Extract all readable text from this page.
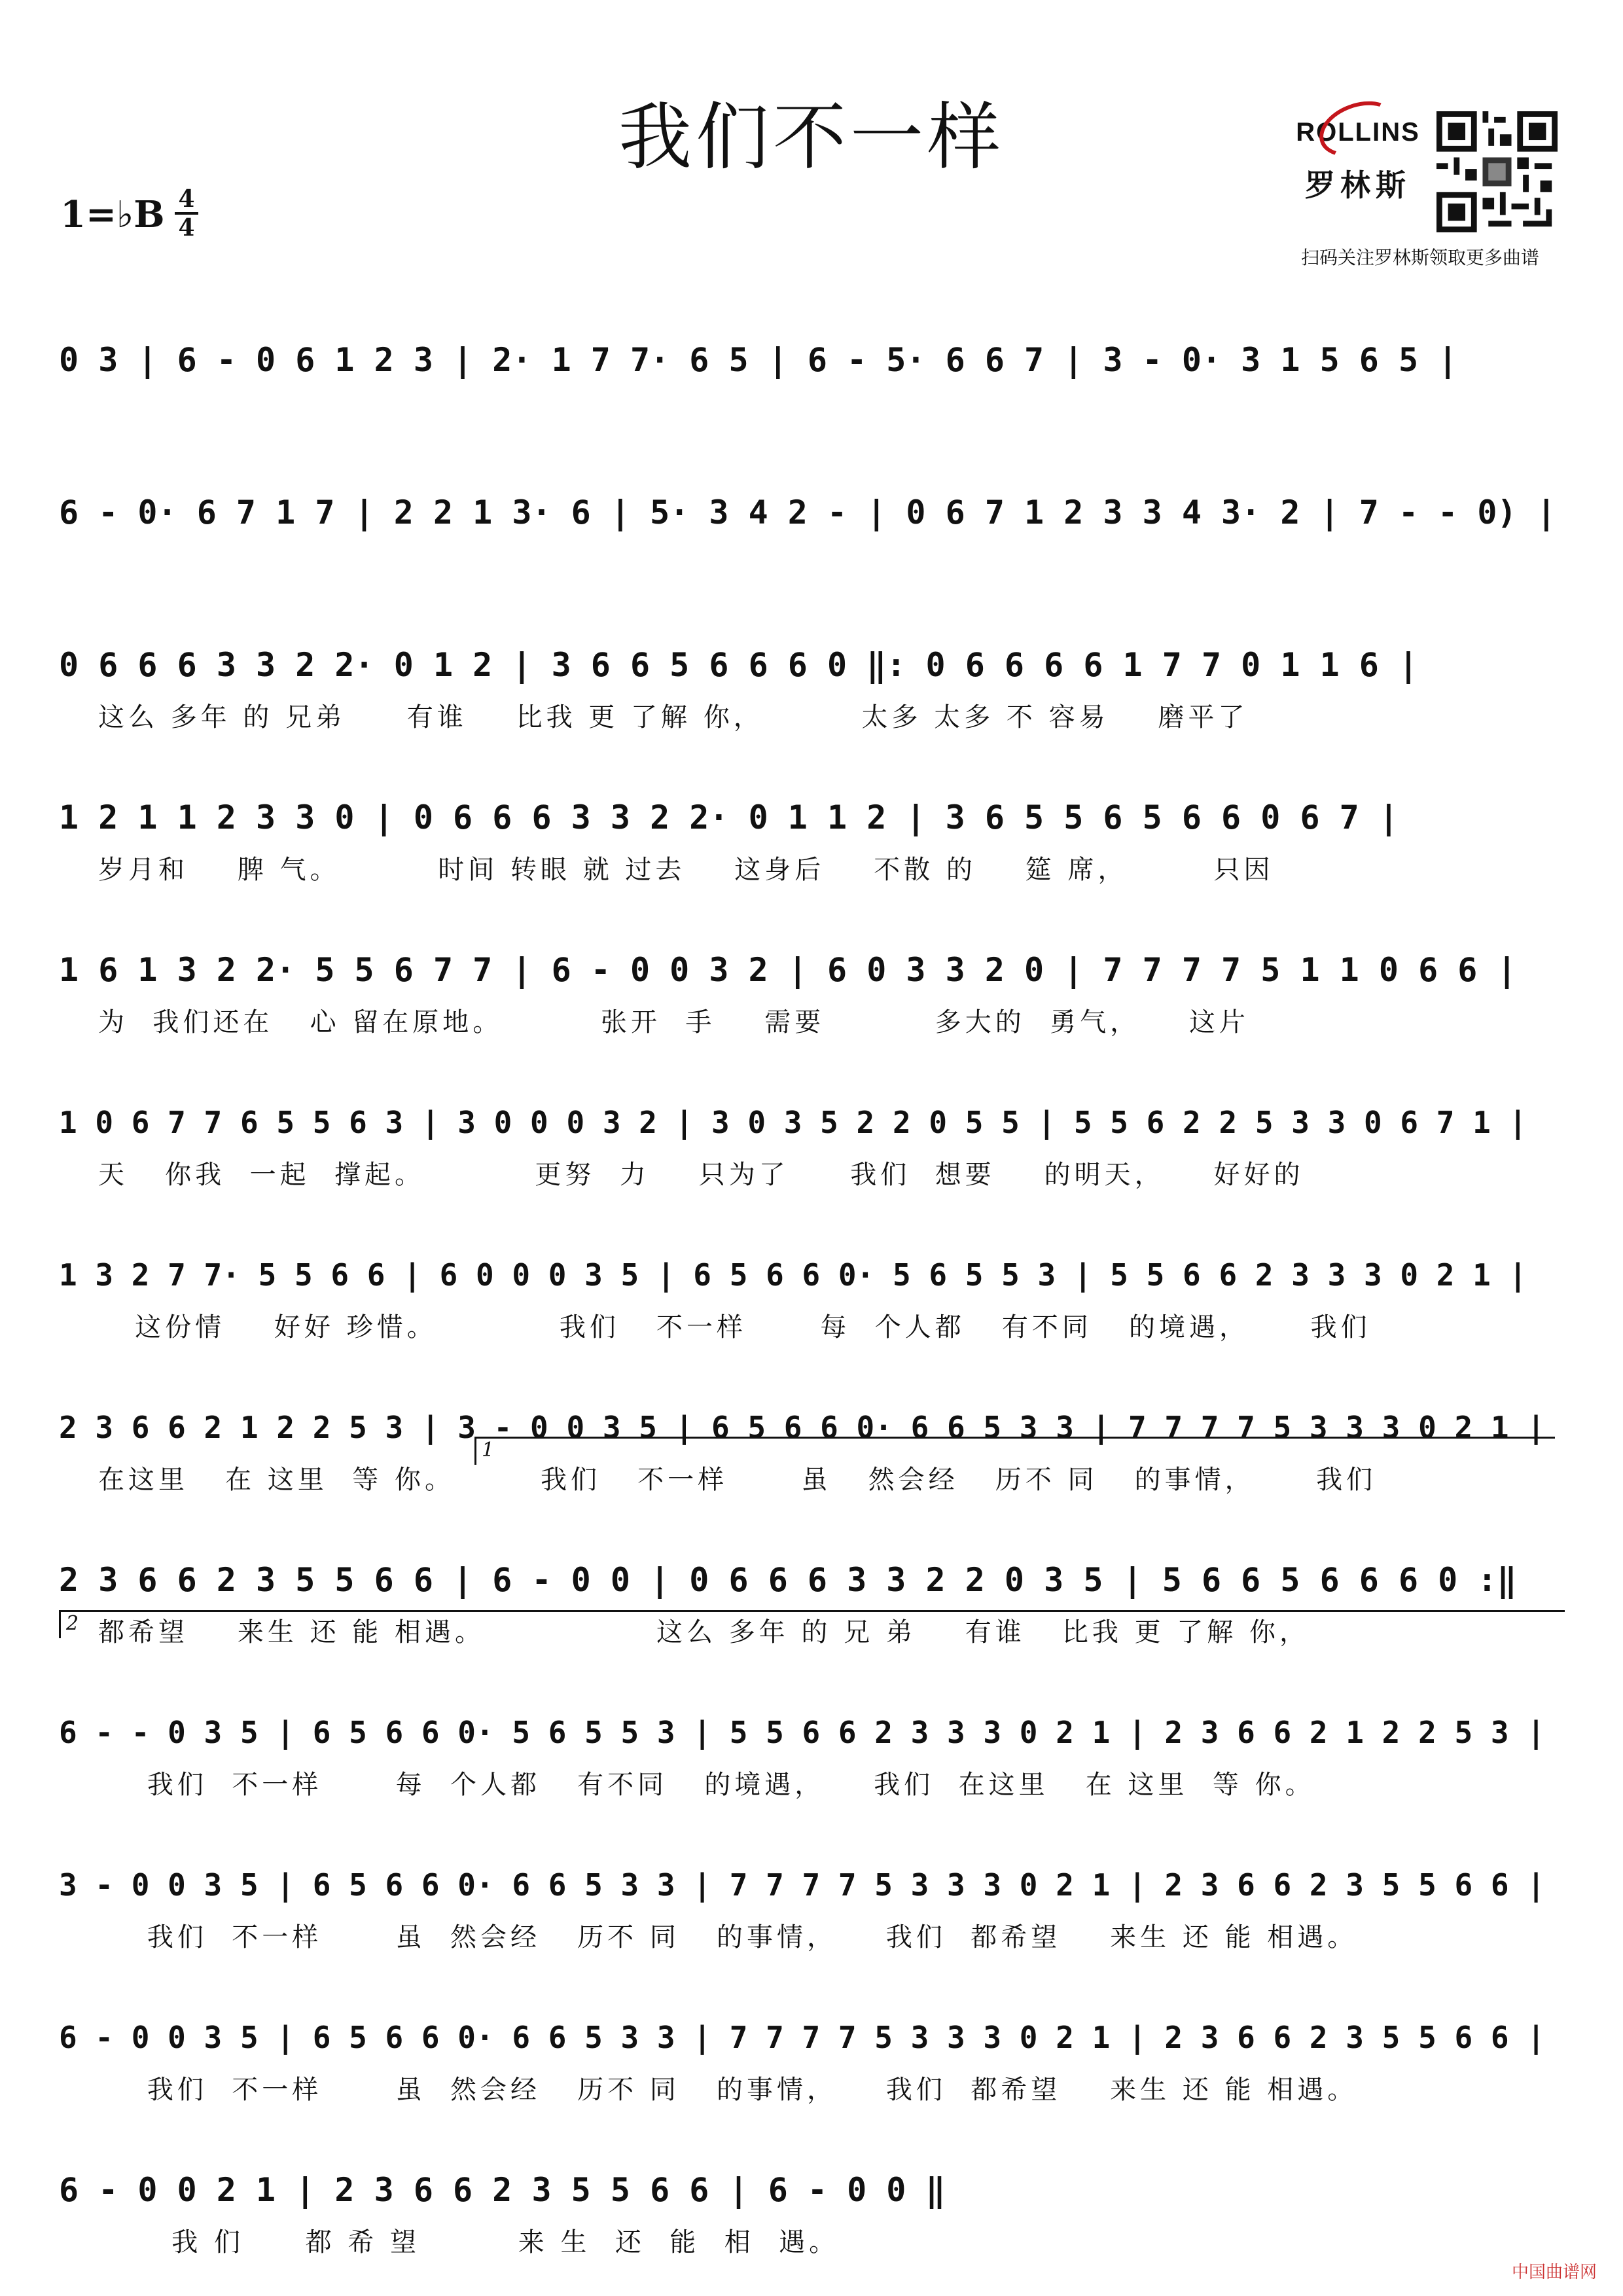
我们不一样
1=♭B 4
4
ROLLINS
罗林斯
扫码关注罗林斯领取更多曲谱
0 3 | 6 - 0 6 1 2 3 | 2· 1 7 7· 6 5 | 6 - 5· 6 6 7 | 3 - 0· 3 1 5 6 5 |
6 - 0· 6 7 1 7 | 2 2 1 3· 6 | 5· 3 4 2 - | 0 6 7 1 2 3 3 4 3· 2 | 7 - - 0) |
0 6 6 6 3 3 2 2· 0 1 2 | 3 6 6 5 6 6 6 0 ‖: 0 6 6 6 6 1 7 7 0 1 1 6 |
这么 多年 的 兄弟     有谁    比我 更 了解 你，        太多 太多 不 容易    磨平了
1 2 1 1 2 3 3 0 | 0 6 6 6 3 3 2 2· 0 1 1 2 | 3 6 5 5 6 5 6 6 0 6 7 |
岁月和    脾 气。        时间 转眼 就 过去    这身后    不散 的    筵 席，       只因
1 6 1 3 2 2· 5 5 6 7 7 | 6 - 0 0 3 2 | 6 0 3 3 2 0 | 7 7 7 7 5 1 1 0 6 6 |
为  我们还在   心 留在原地。        张开  手    需要         多大的  勇气，    这片
1 0 6 7 7 6 5 5 6 3 | 3 0 0 0 3 2 | 3 0 3 5 2 2 0 5 5 | 5 5 6 2 2 5 3 3 0 6 7 1 |
天   你我  一起  撑起。         更努  力    只为了     我们  想要    的明天，    好好的
1 3 2 7 7· 5 5 6 6 | 6 0 0 0 3 5 | 6 5 6 6 0· 5 6 5 5 3 | 5 5 6 6 2 3 3 3 0 2 1 |
这份情    好好 珍惜。          我们   不一样      每  个人都   有不同   的境遇，     我们
2 3 6 6 2 1 2 2 5 3 | 3 - 0 0 3 5 | 6 5 6 6 0· 6 6 5 3 3 | 7 7 7 7 5 3 3 3 0 2 1 |
在这里   在 这里  等 你。       我们   不一样      虽   然会经   历不 同   的事情，     我们
2 3 6 6 2 3 5 5 6 6 | 6 - 0 0 | 0 6 6 6 3 3 2 2 0 3 5 | 5 6 6 5 6 6 6 0 :‖
都希望    来生 还 能 相遇。              这么 多年 的 兄 弟    有谁   比我 更 了解 你，
6 - - 0 3 5 | 6 5 6 6 0· 5 6 5 5 3 | 5 5 6 6 2 3 3 3 0 2 1 | 2 3 6 6 2 1 2 2 5 3 |
我们  不一样      每  个人都   有不同   的境遇，    我们  在这里   在 这里  等 你。
3 - 0 0 3 5 | 6 5 6 6 0· 6 6 5 3 3 | 7 7 7 7 5 3 3 3 0 2 1 | 2 3 6 6 2 3 5 5 6 6 |
我们  不一样      虽  然会经   历不 同   的事情，    我们  都希望    来生 还 能 相遇。
6 - 0 0 3 5 | 6 5 6 6 0· 6 6 5 3 3 | 7 7 7 7 5 3 3 3 0 2 1 | 2 3 6 6 2 3 5 5 6 6 |
我们  不一样      虽  然会经   历不 同   的事情，    我们  都希望    来生 还 能 相遇。
6 - 0 0 2 1 | 2 3 6 6 2 3 5 5 6 6 | 6 - 0 0 ‖
我 们     都 希 望        来 生  还  能  相  遇。
中国曲谱网
1
2
